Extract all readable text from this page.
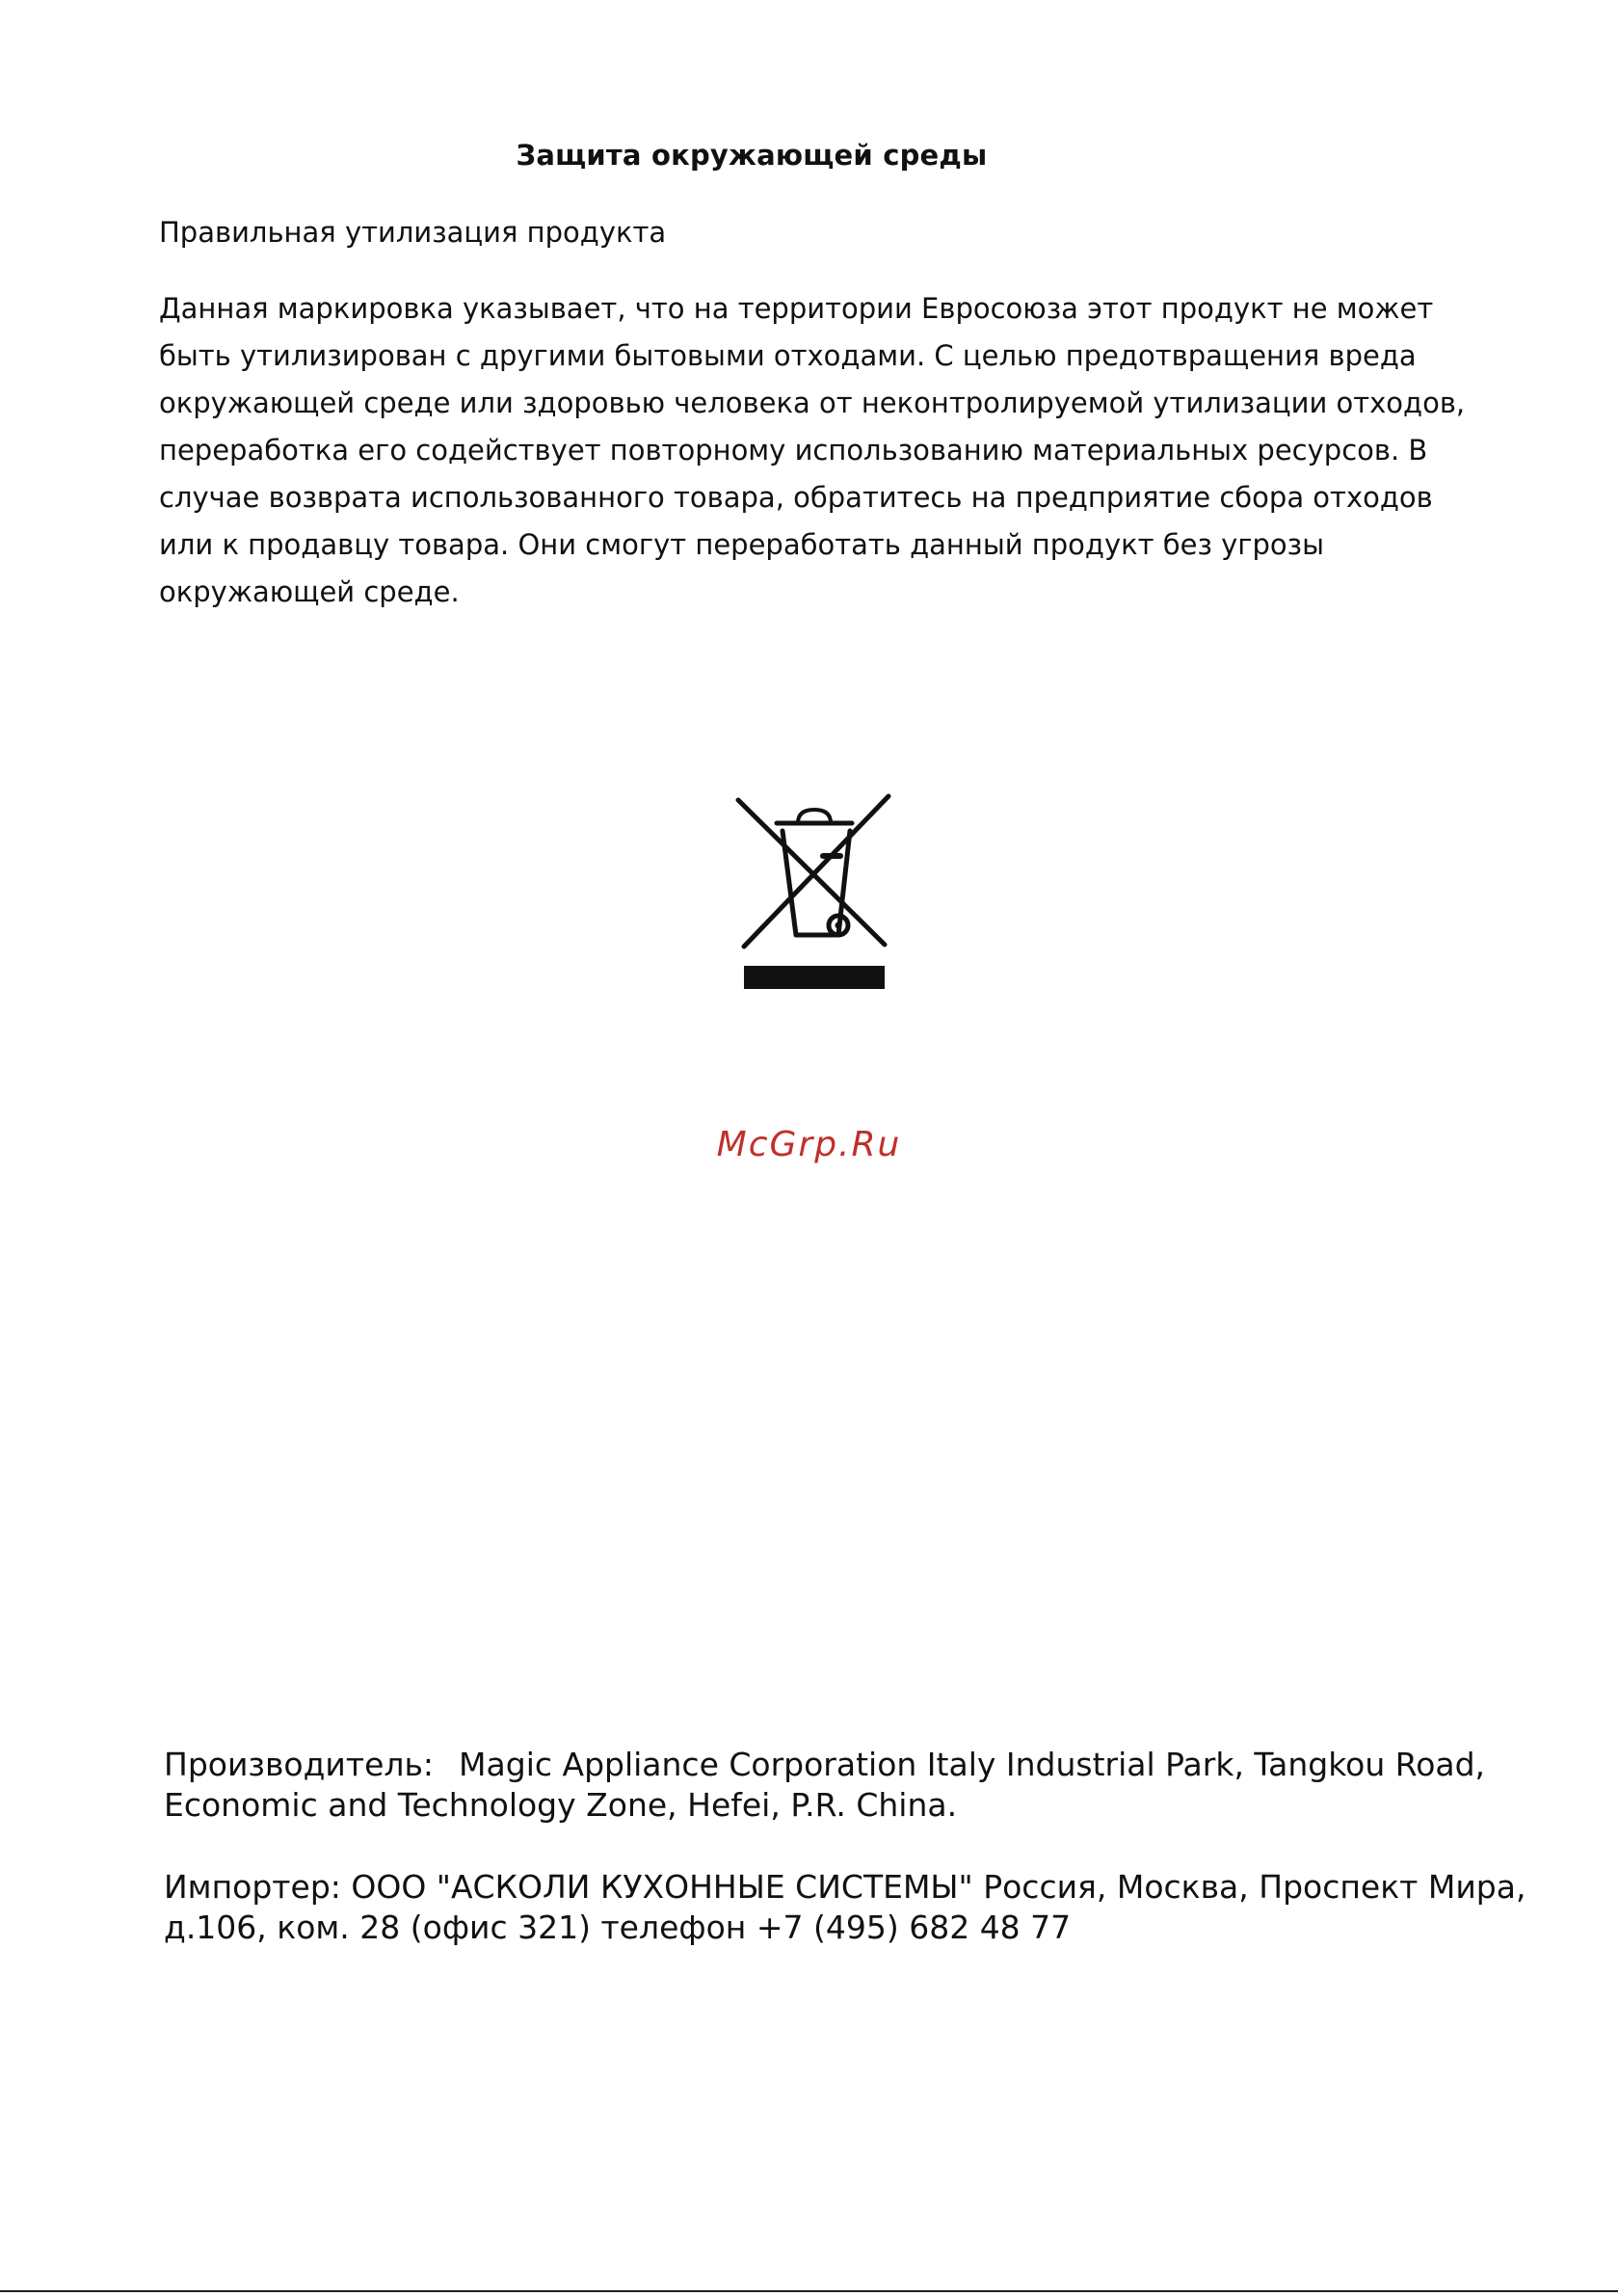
Защита окружающей среды
Правильная утилизация продукта

Данная маркировка указывает, что на территории Евросоюза этот продукт не может быть утилизирован с другими бытовыми отходами. С целью предотвращения вреда окружающей среде или здоровью человека от неконтролируемой утилизации отходов, переработка его содействует повторному использованию материальных ресурсов. В случае возврата использованного товара, обратитесь на предприятие сбора отходов или к продавцу товара. Они смогут переработать данный продукт без угрозы окружающей среде.

McGrp.Ru

Производитель: Magic Appliance Corporation Italy Industrial Park, Tangkou Road, Economic and Technology Zone, Hefei, P.R. China.

Импортер: ООО "АСКОЛИ КУХОННЫЕ СИСТЕМЫ" Россия, Москва, Проспект Мира, д.106, ком. 28 (офис 321) телефон +7 (495) 682 48 77
